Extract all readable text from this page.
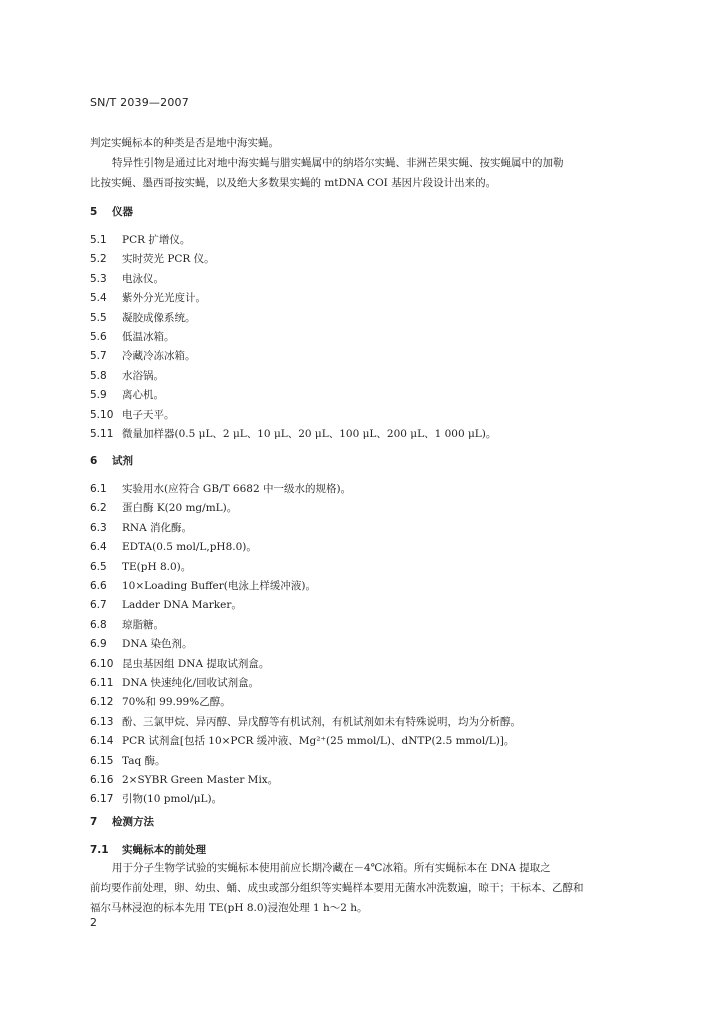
SN/T 2039—2007
判定实蝇标本的种类是否是地中海实蝇。
特异性引物是通过比对地中海实蝇与腊实蝇属中的纳塔尔实蝇、非洲芒果实蝇、按实蝇属中的加勒
比按实蝇、墨西哥按实蝇，以及绝大多数果实蝇的 mtDNA COI 基因片段设计出来的。
5 仪器
5.1 PCR 扩增仪。
5.2 实时荧光 PCR 仪。
5.3 电泳仪。
5.4 紫外分光光度计。
5.5 凝胶成像系统。
5.6 低温冰箱。
5.7 冷藏冷冻冰箱。
5.8 水浴锅。
5.9 离心机。
5.10 电子天平。
5.11 微量加样器(0.5 μL、2 μL、10 μL、20 μL、100 μL、200 μL、1 000 μL)。
6 试剂
6.1 实验用水(应符合 GB/T 6682 中一级水的规格)。
6.2 蛋白酶 K(20 mg/mL)。
6.3 RNA 消化酶。
6.4 EDTA(0.5 mol/L,pH8.0)。
6.5 TE(pH 8.0)。
6.6 10×Loading Buffer(电泳上样缓冲液)。
6.7 Ladder DNA Marker。
6.8 琼脂糖。
6.9 DNA 染色剂。
6.10 昆虫基因组 DNA 提取试剂盒。
6.11 DNA 快速纯化/回收试剂盒。
6.12 70%和 99.99%乙醇。
6.13 酚、三氯甲烷、异丙醇、异戊醇等有机试剂，有机试剂如未有特殊说明，均为分析醇。
6.14 PCR 试剂盒[包括 10×PCR 缓冲液、Mg²⁺(25 mmol/L)、dNTP(2.5 mmol/L)]。
6.15 Taq 酶。
6.16 2×SYBR Green Master Mix。
6.17 引物(10 pmol/μL)。
7 检测方法
7.1 实蝇标本的前处理
用于分子生物学试验的实蝇标本使用前应长期冷藏在－4℃冰箱。所有实蝇标本在 DNA 提取之
前均要作前处理，卵、幼虫、蛹、成虫或部分组织等实蝇样本要用无菌水冲洗数遍，晾干；干标本、乙醇和
福尔马林浸泡的标本先用 TE(pH 8.0)浸泡处理 1 h～2 h。
2
